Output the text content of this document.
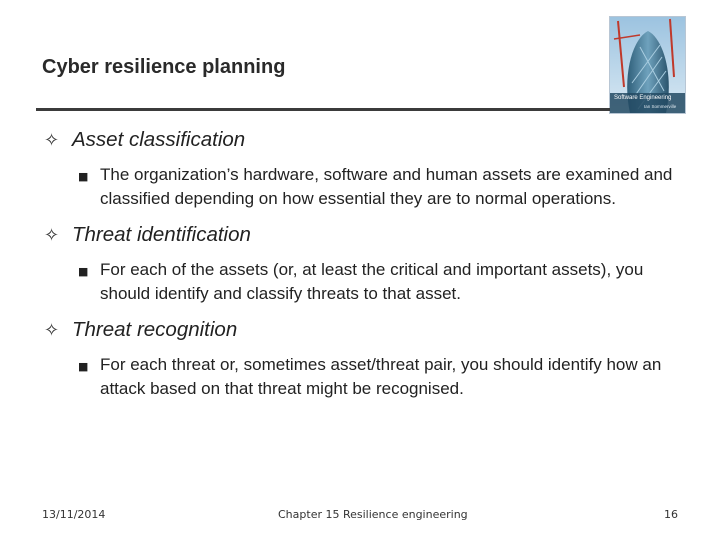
Cyber resilience planning
Software Engineering
Ian Sommerville
✧ Asset classification
■ The organization’s hardware, software and human assets are examined and classified depending on how essential they are to normal operations.
✧ Threat identification
■ For each of the assets (or, at least the critical and important assets), you should identify and classify threats to that asset.
✧ Threat recognition
■ For each threat or, sometimes asset/threat pair, you should identify how an attack based on that threat might be recognised.
13/11/2014	Chapter 15 Resilience engineering	16
